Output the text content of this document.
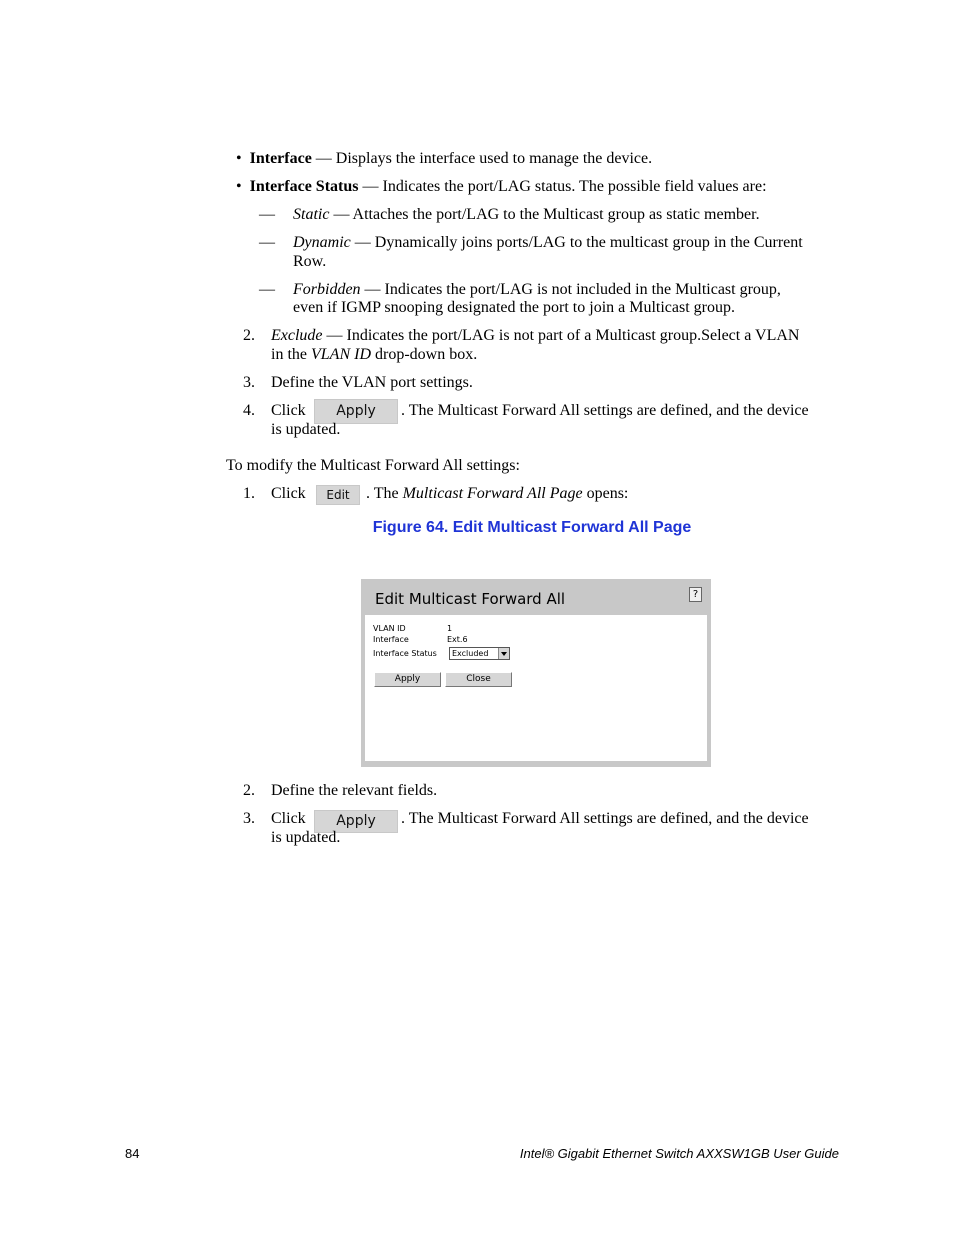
•  Interface — Displays the interface used to manage the device.
•  Interface Status — Indicates the port/LAG status. The possible field values are:
— Static — Attaches the port/LAG to the Multicast group as static member.
— Dynamic — Dynamically joins ports/LAG to the multicast group in the Current
Row.
— Forbidden — Indicates the port/LAG is not included in the Multicast group,
even if IGMP snooping designated the port to join a Multicast group.
2. Exclude — Indicates the port/LAG is not part of a Multicast group.Select a VLAN
in the VLAN ID drop-down box.
3. Define the VLAN port settings.
4. Click	Apply	. The Multicast Forward All settings are defined, and the device
is updated.
To modify the Multicast Forward All settings:
1. Click	Edit	. The Multicast Forward All Page opens:
Figure 64. Edit Multicast Forward All Page
Edit Multicast Forward All	?
VLAN ID	1
Interface	Ext.6
Interface Status	Excluded
Apply	Close
2. Define the relevant fields.
3. Click	Apply	. The Multicast Forward All settings are defined, and the device
is updated.
84	Intel® Gigabit Ethernet Switch AXXSW1GB User Guide
